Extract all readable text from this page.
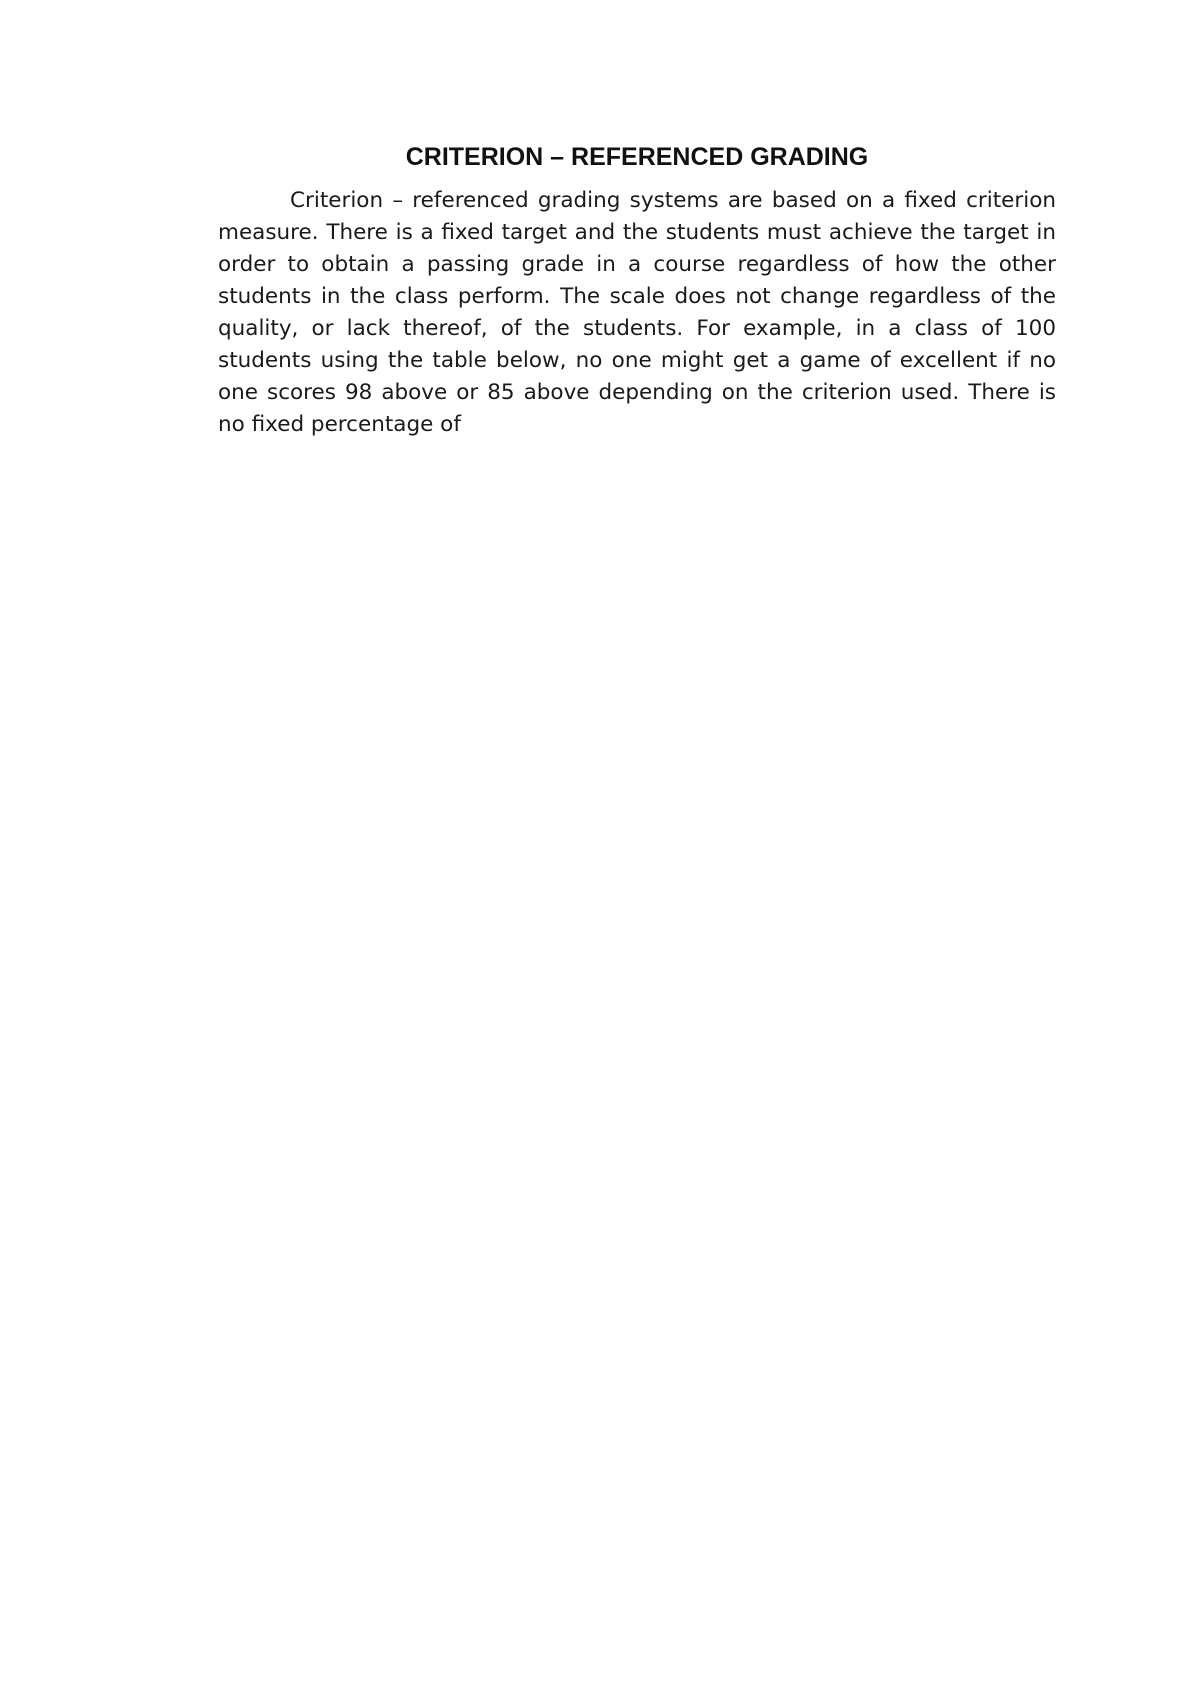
CRITERION – REFERENCED GRADING

Criterion – referenced grading systems are based on a fixed criterion measure. There is a fixed target and the students must achieve the target in order to obtain a passing grade in a course regardless of how the other students in the class perform. The scale does not change regardless of the quality, or lack thereof, of the students. For example, in a class of 100 students using the table below, no one might get a game of excellent if no one scores 98 above or 85 above depending on the criterion used. There is no fixed percentage of
